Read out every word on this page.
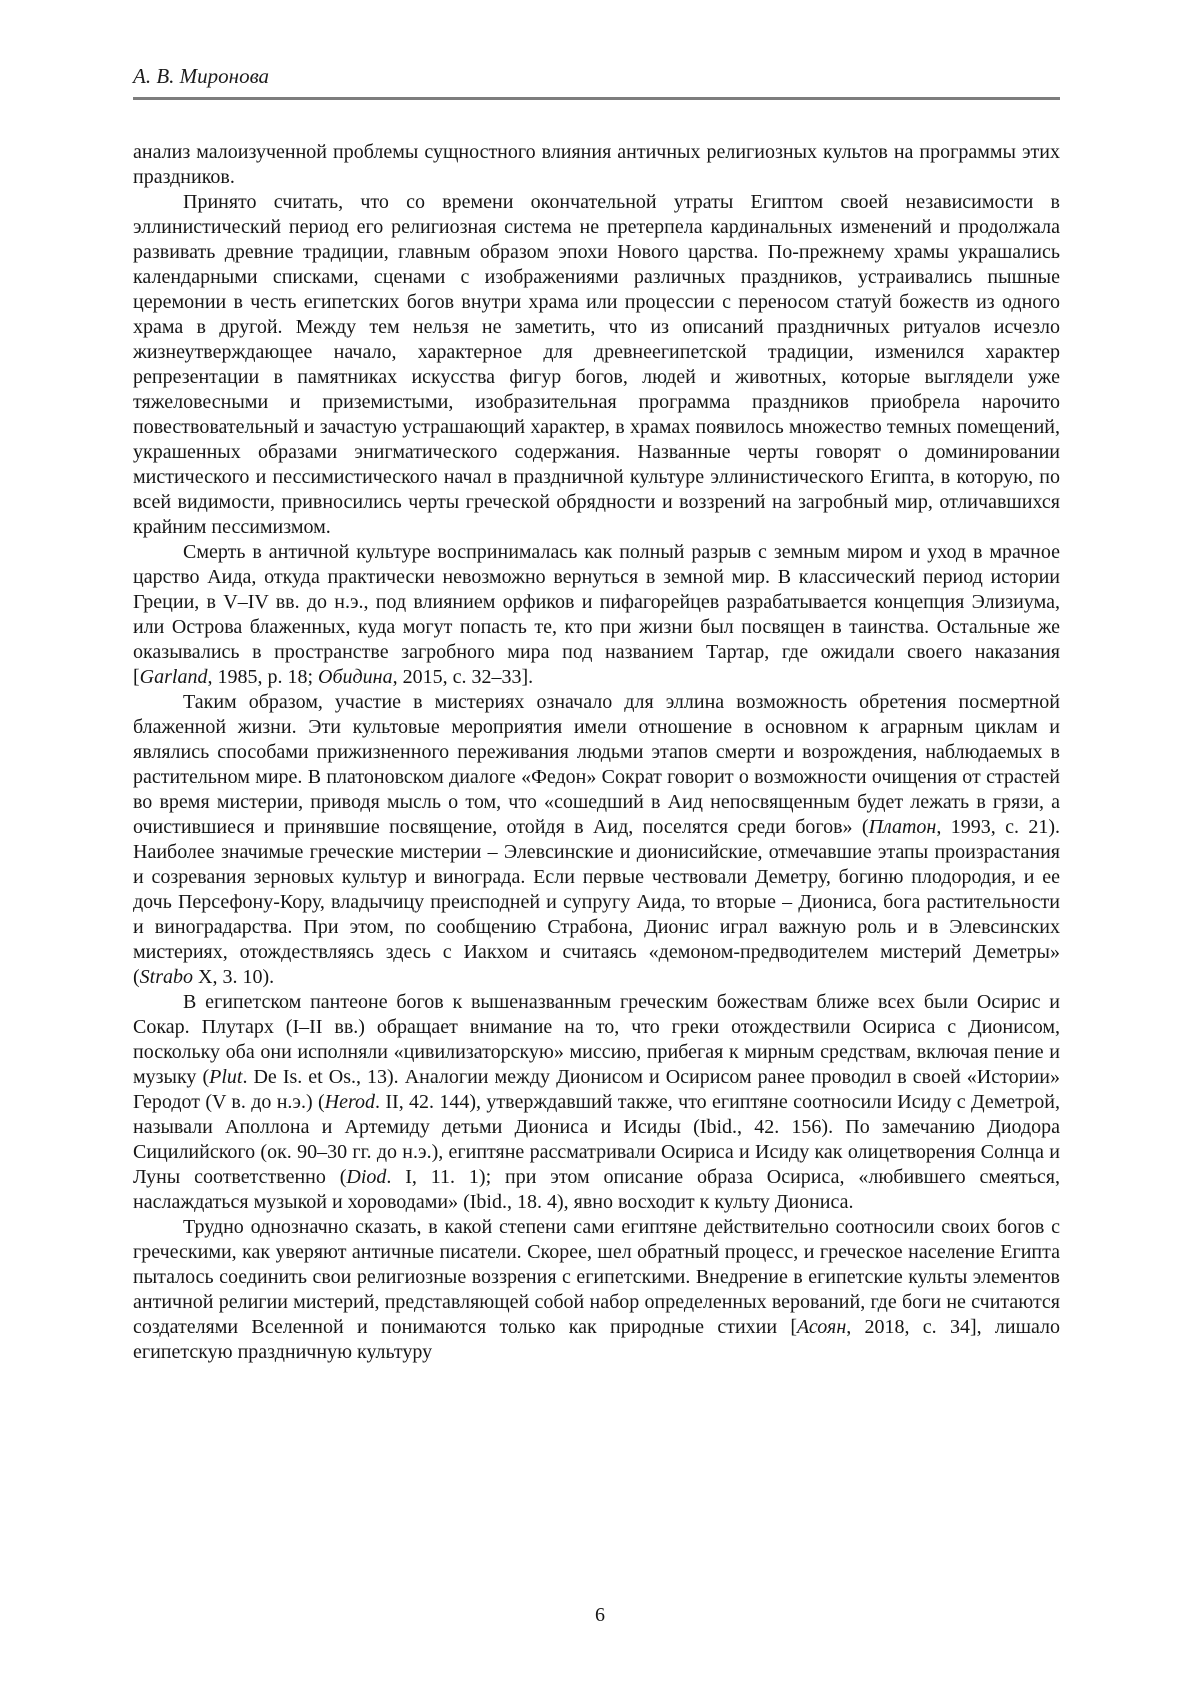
А. В. Миронова

анализ малоизученной проблемы сущностного влияния античных религиозных культов на программы этих праздников.

Принято считать, что со времени окончательной утраты Египтом своей независимости в эллинистический период его религиозная система не претерпела кардинальных изменений и продолжала развивать древние традиции, главным образом эпохи Нового царства. По-прежнему храмы украшались календарными списками, сценами с изображениями различных праздников, устраивались пышные церемонии в честь египетских богов внутри храма или процессии с переносом статуй божеств из одного храма в другой. Между тем нельзя не заметить, что из описаний праздничных ритуалов исчезло жизнеутверждающее начало, характерное для древнеегипетской традиции, изменился характер репрезентации в памятниках искусства фигур богов, людей и животных, которые выглядели уже тяжеловесными и приземистыми, изобразительная программа праздников приобрела нарочито повествовательный и зачастую устрашающий характер, в храмах появилось множество темных помещений, украшенных образами энигматического содержания. Названные черты говорят о доминировании мистического и пессимистического начал в праздничной культуре эллинистического Египта, в которую, по всей видимости, привносились черты греческой обрядности и воззрений на загробный мир, отличавшихся крайним пессимизмом.

Смерть в античной культуре воспринималась как полный разрыв с земным миром и уход в мрачное царство Аида, откуда практически невозможно вернуться в земной мир. В классический период истории Греции, в V–IV вв. до н.э., под влиянием орфиков и пифагорейцев разрабатывается концепция Элизиума, или Острова блаженных, куда могут попасть те, кто при жизни был посвящен в таинства. Остальные же оказывались в пространстве загробного мира под названием Тартар, где ожидали своего наказания [Garland, 1985, p. 18; Обидина, 2015, с. 32–33].

Таким образом, участие в мистериях означало для эллина возможность обретения посмертной блаженной жизни. Эти культовые мероприятия имели отношение в основном к аграрным циклам и являлись способами прижизненного переживания людьми этапов смерти и возрождения, наблюдаемых в растительном мире. В платоновском диалоге «Федон» Сократ говорит о возможности очищения от страстей во время мистерии, приводя мысль о том, что «сошедший в Аид непосвященным будет лежать в грязи, а очистившиеся и принявшие посвящение, отойдя в Аид, поселятся среди богов» (Платон, 1993, с. 21). Наиболее значимые греческие мистерии – Элевсинские и дионисийские, отмечавшие этапы произрастания и созревания зерновых культур и винограда. Если первые чествовали Деметру, богиню плодородия, и ее дочь Персефону-Кору, владычицу преисподней и супругу Аида, то вторые – Диониса, бога растительности и виноградарства. При этом, по сообщению Страбона, Дионис играл важную роль и в Элевсинских мистериях, отождествляясь здесь с Иакхом и считаясь «демоном-предводителем мистерий Деметры» (Strabo X, 3. 10).

В египетском пантеоне богов к вышеназванным греческим божествам ближе всех были Осирис и Сокар. Плутарх (I–II вв.) обращает внимание на то, что греки отождествили Осириса с Дионисом, поскольку оба они исполняли «цивилизаторскую» миссию, прибегая к мирным средствам, включая пение и музыку (Plut. De Is. et Os., 13). Аналогии между Дионисом и Осирисом ранее проводил в своей «Истории» Геродот (V в. до н.э.) (Herod. II, 42. 144), утверждавший также, что египтяне соотносили Исиду с Деметрой, называли Аполлона и Артемиду детьми Диониса и Исиды (Ibid., 42. 156). По замечанию Диодора Сицилийского (ок. 90–30 гг. до н.э.), египтяне рассматривали Осириса и Исиду как олицетворения Солнца и Луны соответственно (Diod. I, 11. 1); при этом описание образа Осириса, «любившего смеяться, наслаждаться музыкой и хороводами» (Ibid., 18. 4), явно восходит к культу Диониса.

Трудно однозначно сказать, в какой степени сами египтяне действительно соотносили своих богов с греческими, как уверяют античные писатели. Скорее, шел обратный процесс, и греческое население Египта пыталось соединить свои религиозные воззрения с египетскими. Внедрение в египетские культы элементов античной религии мистерий, представляющей собой набор определенных верований, где боги не считаются создателями Вселенной и понимаются только как природные стихии [Асоян, 2018, с. 34], лишало египетскую праздничную культуру

6
